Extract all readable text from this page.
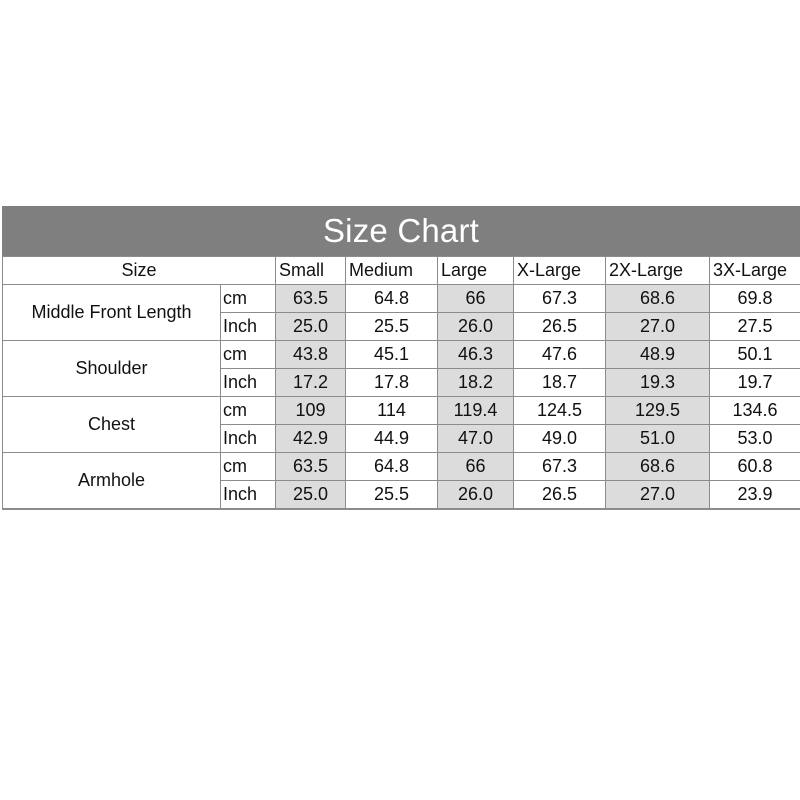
Size Chart
Size		Small	Medium	Large	X-Large	2X-Large	3X-Large
Middle Front Length	cm	63.5	64.8	66	67.3	68.6	69.8
	Inch	25.0	25.5	26.0	26.5	27.0	27.5
Shoulder	cm	43.8	45.1	46.3	47.6	48.9	50.1
	Inch	17.2	17.8	18.2	18.7	19.3	19.7
Chest	cm	109	114	119.4	124.5	129.5	134.6
	Inch	42.9	44.9	47.0	49.0	51.0	53.0
Armhole	cm	63.5	64.8	66	67.3	68.6	60.8
	Inch	25.0	25.5	26.0	26.5	27.0	23.9
